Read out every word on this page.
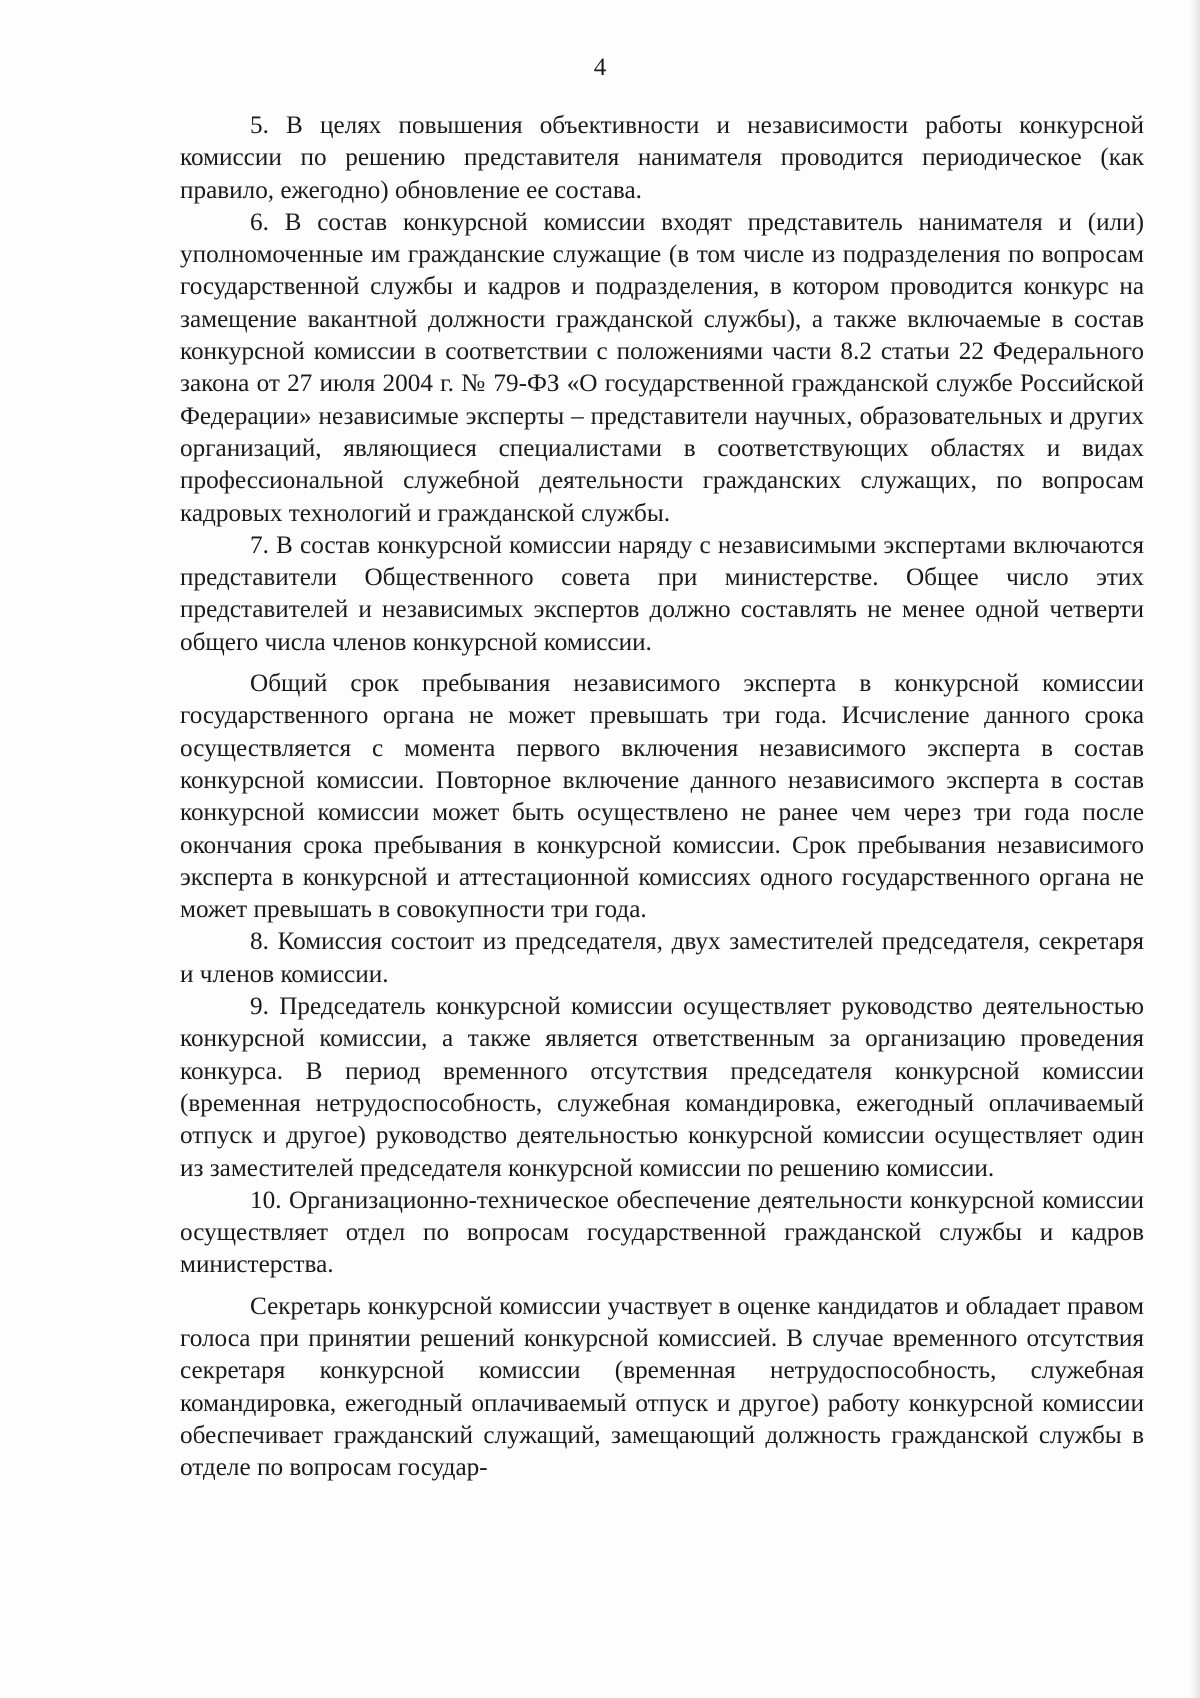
4

5. В целях повышения объективности и независимости работы конкурсной комиссии по решению представителя нанимателя проводится периодическое (как правило, ежегодно) обновление ее состава.

6. В состав конкурсной комиссии входят представитель нанимателя и (или) уполномоченные им гражданские служащие (в том числе из подразделения по вопросам государственной службы и кадров и подразделения, в котором проводится конкурс на замещение вакантной должности гражданской службы), а также включаемые в состав конкурсной комиссии в соответствии с положениями части 8.2 статьи 22 Федерального закона от 27 июля 2004 г. № 79-ФЗ «О государственной гражданской службе Российской Федерации» независимые эксперты – представители научных, образовательных и других организаций, являющиеся специалистами в соответствующих областях и видах профессиональной служебной деятельности гражданских служащих, по вопросам кадровых технологий и гражданской службы.

7. В состав конкурсной комиссии наряду с независимыми экспертами включаются представители Общественного совета при министерстве. Общее число этих представителей и независимых экспертов должно составлять не менее одной четверти общего числа членов конкурсной комиссии.

Общий срок пребывания независимого эксперта в конкурсной комиссии государственного органа не может превышать три года. Исчисление данного срока осуществляется с момента первого включения независимого эксперта в состав конкурсной комиссии. Повторное включение данного независимого эксперта в состав конкурсной комиссии может быть осуществлено не ранее чем через три года после окончания срока пребывания в конкурсной комиссии. Срок пребывания независимого эксперта в конкурсной и аттестационной комиссиях одного государственного органа не может превышать в совокупности три года.

8. Комиссия состоит из председателя, двух заместителей председателя, секретаря и членов комиссии.

9. Председатель конкурсной комиссии осуществляет руководство деятельностью конкурсной комиссии, а также является ответственным за организацию проведения конкурса. В период временного отсутствия председателя конкурсной комиссии (временная нетрудоспособность, служебная командировка, ежегодный оплачиваемый отпуск и другое) руководство деятельностью конкурсной комиссии осуществляет один из заместителей председателя конкурсной комиссии по решению комиссии.

10. Организационно-техническое обеспечение деятельности конкурсной комиссии осуществляет отдел по вопросам государственной гражданской службы и кадров министерства.

Секретарь конкурсной комиссии участвует в оценке кандидатов и обладает правом голоса при принятии решений конкурсной комиссией. В случае временного отсутствия секретаря конкурсной комиссии (временная нетрудоспособность, служебная командировка, ежегодный оплачиваемый отпуск и другое) работу конкурсной комиссии обеспечивает гражданский служащий, замещающий должность гражданской службы в отделе по вопросам государ-
